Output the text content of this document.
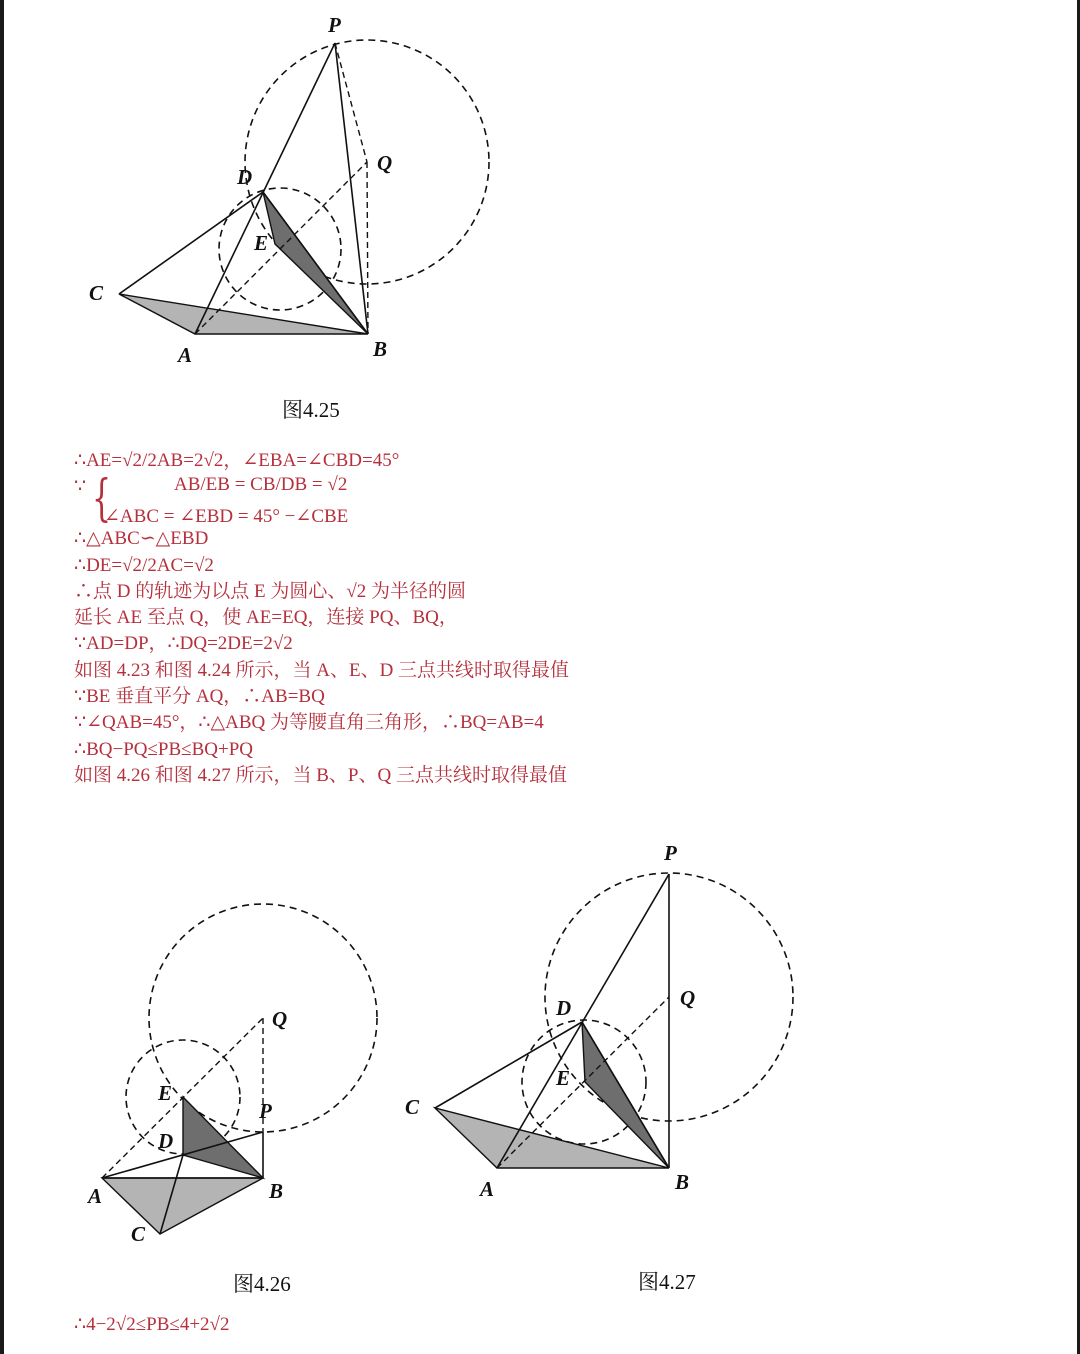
P
Q
D
E
C
A	B
图4.25
∴AE=√2/2AB=2√2，∠EBA=∠CBD=45°
∵ {	AB/EB = CB/DB = √2
∠ABC = ∠EBD = 45° −∠CBE
∴△ABC∽△EBD
∴DE=√2/2AC=√2
∴点 D 的轨迹为以点 E 为圆心、√2 为半径的圆
延长 AE 至点 Q，使 AE=EQ，连接 PQ、BQ，
∵AD=DP，∴DQ=2DE=2√2
如图 4.23 和图 4.24 所示，当 A、E、D 三点共线时取得最值
∵BE 垂直平分 AQ，∴AB=BQ
∵∠QAB=45°，∴△ABQ 为等腰直角三角形，∴BQ=AB=4
∴BQ−PQ≤PB≤BQ+PQ
如图 4.26 和图 4.27 所示，当 B、P、Q 三点共线时取得最值
Q
E
P
D
A	B
C
图4.26
P
Q
D
E
C
A	B
图4.27
∴4−2√2≤PB≤4+2√2
